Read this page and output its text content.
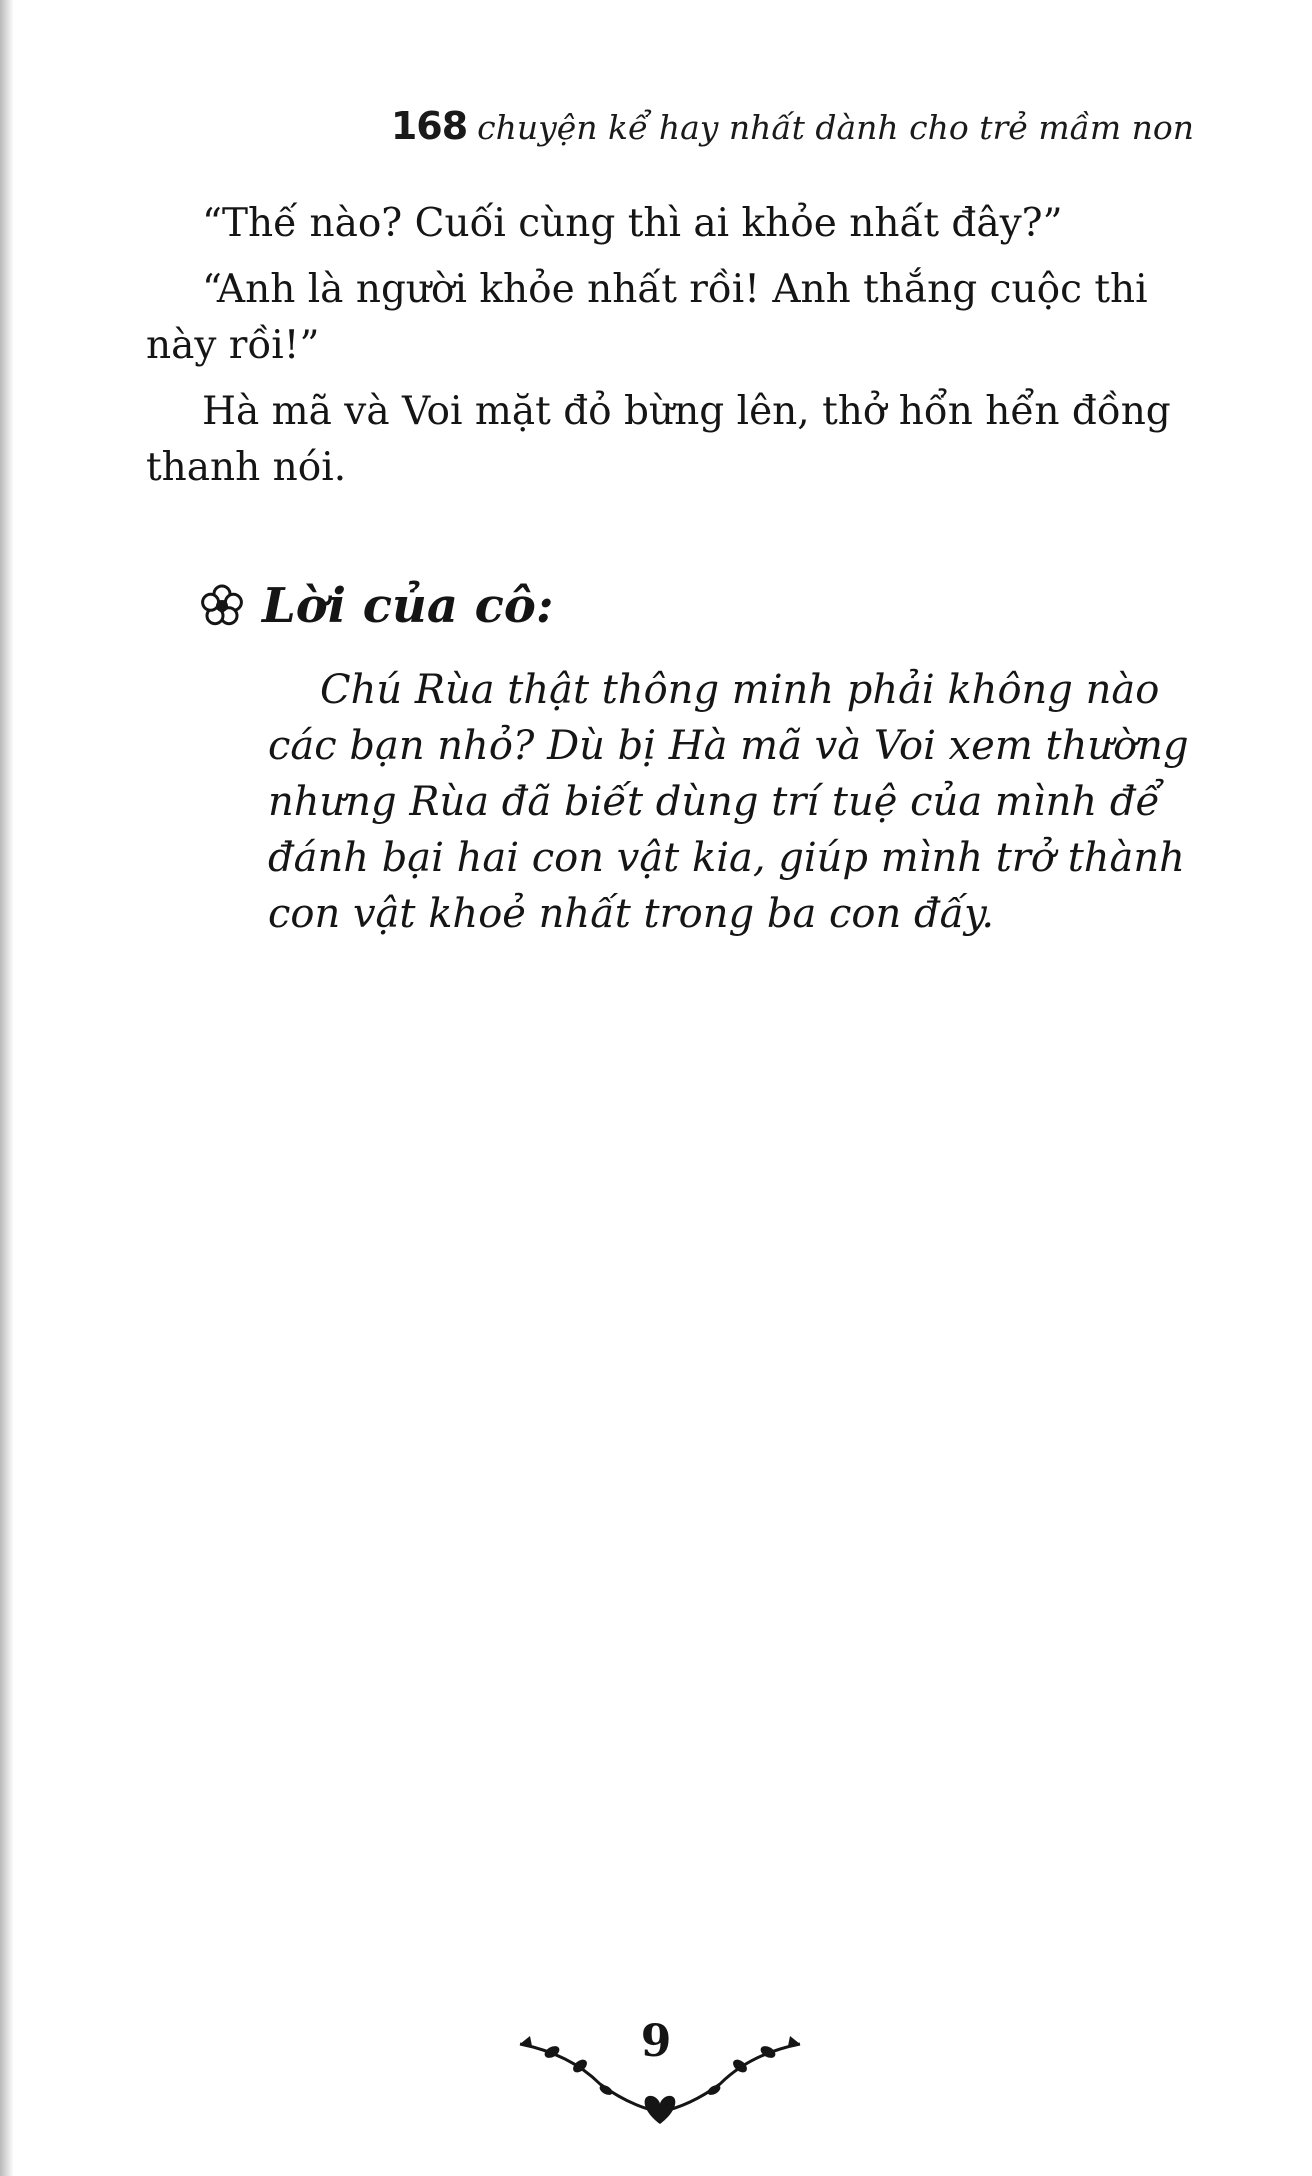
168 chuyện kể hay nhất dành cho trẻ mầm non

“Thế nào? Cuối cùng thì ai khỏe nhất đây?”

“Anh là người khỏe nhất rồi! Anh thắng cuộc thi này rồi!”

Hà mã và Voi mặt đỏ bừng lên, thở hổn hển đồng thanh nói.

Lời của cô:

Chú Rùa thật thông minh phải không nào các bạn nhỏ? Dù bị Hà mã và Voi xem thường nhưng Rùa đã biết dùng trí tuệ của mình để đánh bại hai con vật kia, giúp mình trở thành con vật khoẻ nhất trong ba con đấy.

9
